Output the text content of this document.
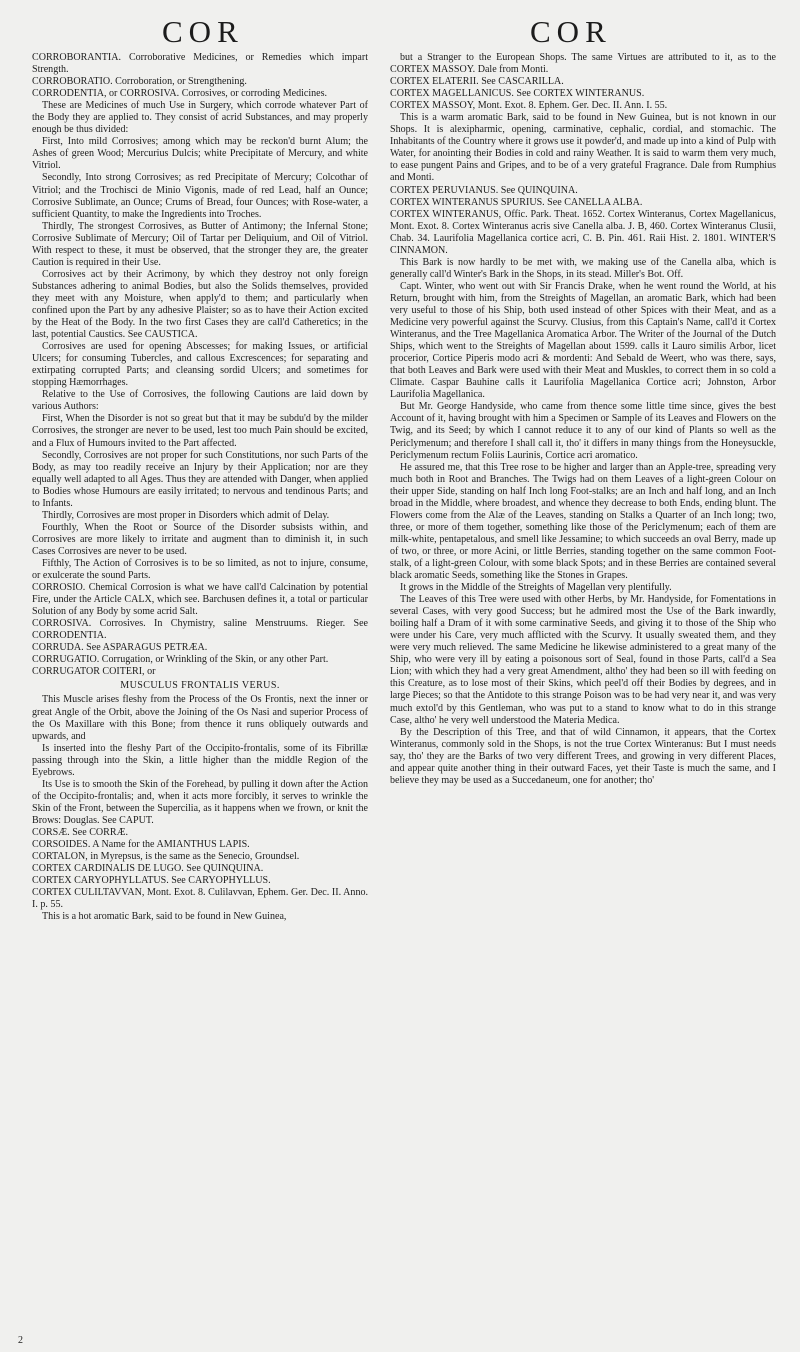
COR	COR

CORROBORANTIA. Corroborative Medicines, or Remedies which impart Strength.

CORROBORATIO. Corroboration, or Strengthening.

CORRODENTIA, or CORROSIVA. Corrosives, or corroding Medicines.

These are Medicines of much Use in Surgery, which corrode whatever Part of the Body they are applied to. They consist of acrid Substances, and may properly enough be thus divided:

First, Into mild Corrosives; among which may be reckon'd burnt Alum; the Ashes of green Wood; Mercurius Dulcis; white Precipitate of Mercury, and white Vitriol.

Secondly, Into strong Corrosives; as red Precipitate of Mercury; Colcothar of Vitriol; and the Trochisci de Minio Vigonis, made of red Lead, half an Ounce; Corrosive Sublimate, an Ounce; Crums of Bread, four Ounces; with Rose-water, a sufficient Quantity, to make the Ingredients into Troches.

Thirdly, The strongest Corrosives, as Butter of Antimony; the Infernal Stone; Corrosive Sublimate of Mercury; Oil of Tartar per Deliquium, and Oil of Vitriol. With respect to these, it must be observed, that the stronger they are, the greater Caution is required in their Use.

Corrosives act by their Acrimony, by which they destroy not only foreign Substances adhering to animal Bodies, but also the Solids themselves, provided they meet with any Moisture, when apply'd to them; and particularly when confined upon the Part by any adhesive Plaister; so as to have their Action excited by the Heat of the Body. In the two first Cases they are call'd Catheretics; in the last, potential Caustics. See CAUSTICA.

Corrosives are used for opening Abscesses; for making Issues, or artificial Ulcers; for consuming Tubercles, and callous Excrescences; for separating and extirpating corrupted Parts; and cleansing sordid Ulcers; and sometimes for stopping Hæmorrhages.

Relative to the Use of Corrosives, the following Cautions are laid down by various Authors:

First, When the Disorder is not so great but that it may be subdu'd by the milder Corrosives, the stronger are never to be used, lest too much Pain should be excited, and a Flux of Humours invited to the Part affected.

Secondly, Corrosives are not proper for such Constitutions, nor such Parts of the Body, as may too readily receive an Injury by their Application; nor are they equally well adapted to all Ages. Thus they are attended with Danger, when applied to Bodies whose Humours are easily irritated; to nervous and tendinous Parts; and to Infants.

Thirdly, Corrosives are most proper in Disorders which admit of Delay.

Fourthly, When the Root or Source of the Disorder subsists within, and Corrosives are more likely to irritate and augment than to diminish it, in such Cases Corrosives are never to be used.

Fifthly, The Action of Corrosives is to be so limited, as not to injure, consume, or exulcerate the sound Parts.

CORROSIO. Chemical Corrosion is what we have call'd Calcination by potential Fire, under the Article CALX, which see. Barchusen defines it, a total or particular Solution of any Body by some acrid Salt.

CORROSIVA. Corrosives. In Chymistry, saline Menstruums. Rieger. See CORRODENTIA.

CORRUDA. See ASPARAGUS PETRÆA.

CORRUGATIO. Corrugation, or Wrinkling of the Skin, or any other Part.

CORRUGATOR COITERI, or

MUSCULUS FRONTALIS VERUS.

This Muscle arises fleshy from the Process of the Os Frontis, next the inner or great Angle of the Orbit, above the Joining of the Os Nasi and superior Process of the Os Maxillare with this Bone; from thence it runs obliquely outwards and upwards, and

Is inserted into the fleshy Part of the Occipito-frontalis, some of its Fibrillæ passing through into the Skin, a little higher than the middle Region of the Eyebrows.

Its Use is to smooth the Skin of the Forehead, by pulling it down after the Action of the Occipito-frontalis; and, when it acts more forcibly, it serves to wrinkle the Skin of the Front, between the Supercilia, as it happens when we frown, or knit the Brows: Douglas. See CAPUT.

CORSÆ. See CORRÆ.

CORSOIDES. A Name for the AMIANTHUS LAPIS.

CORTALON, in Myrepsus, is the same as the Senecio, Groundsel.

CORTEX CARDINALIS DE LUGO. See QUINQUINA.

CORTEX CARYOPHYLLATUS. See CARYOPHYLLUS.

CORTEX CULILTAVVAN, Mont. Exot. 8. Culilavvan, Ephem. Ger. Dec. II. Anno. I. p. 55.

This is a hot aromatic Bark, said to be found in New Guinea,

but a Stranger to the European Shops. The same Virtues are attributed to it, as to the CORTEX MASSOY. Dale from Monti.

CORTEX ELATERII. See CASCARILLA.

CORTEX MAGELLANICUS. See CORTEX WINTERANUS.

CORTEX MASSOY, Mont. Exot. 8. Ephem. Ger. Dec. II. Ann. I. 55.

This is a warm aromatic Bark, said to be found in New Guinea, but is not known in our Shops. It is alexipharmic, opening, carminative, cephalic, cordial, and stomachic. The Inhabitants of the Country where it grows use it powder'd, and made up into a kind of Pulp with Water, for anointing their Bodies in cold and rainy Weather. It is said to warm them very much, to ease pungent Pains and Gripes, and to be of a very grateful Fragrance. Dale from Rumphius and Monti.

CORTEX PERUVIANUS. See QUINQUINA.

CORTEX WINTERANUS SPURIUS. See CANELLA ALBA.

CORTEX WINTERANUS, Offic. Park. Theat. 1652. Cortex Winteranus, Cortex Magellanicus, Mont. Exot. 8. Cortex Winteranus acris sive Canella alba. J. B, 460. Cortex Winteranus Clusii, Chab. 34. Laurifolia Magellanica cortice acri, C. B. Pin. 461. Raii Hist. 2. 1801. WINTER'S CINNAMON.

This Bark is now hardly to be met with, we making use of the Canella alba, which is generally call'd Winter's Bark in the Shops, in its stead. Miller's Bot. Off.

Capt. Winter, who went out with Sir Francis Drake, when he went round the World, at his Return, brought with him, from the Streights of Magellan, an aromatic Bark, which had been very useful to those of his Ship, both used instead of other Spices with their Meat, and as a Medicine very powerful against the Scurvy. Clusius, from this Captain's Name, call'd it Cortex Winteranus, and the Tree Magellanica Aromatica Arbor. The Writer of the Journal of the Dutch Ships, which went to the Streights of Magellan about 1599. calls it Lauro similis Arbor, licet procerior, Cortice Piperis modo acri & mordenti: And Sebald de Weert, who was there, says, that both Leaves and Bark were used with their Meat and Muskles, to correct them in so cold a Climate. Caspar Bauhine calls it Laurifolia Magellanica Cortice acri; Johnston, Arbor Laurifolia Magellanica.

But Mr. George Handyside, who came from thence some little time since, gives the best Account of it, having brought with him a Specimen or Sample of its Leaves and Flowers on the Twig, and its Seed; by which I cannot reduce it to any of our kind of Plants so well as the Periclymenum; and therefore I shall call it, tho' it differs in many things from the Honeysuckle, Periclymenum rectum Foliis Laurinis, Cortice acri aromatico.

He assured me, that this Tree rose to be higher and larger than an Apple-tree, spreading very much both in Root and Branches. The Twigs had on them Leaves of a light-green Colour on their upper Side, standing on half Inch long Foot-stalks; are an Inch and half long, and an Inch broad in the Middle, where broadest, and whence they decrease to both Ends, ending blunt. The Flowers come from the Alæ of the Leaves, standing on Stalks a Quarter of an Inch long; two, three, or more of them together, something like those of the Periclymenum; each of them are milk-white, pentapetalous, and smell like Jessamine; to which succeeds an oval Berry, made up of two, or three, or more Acini, or little Berries, standing together on the same common Foot-stalk, of a light-green Colour, with some black Spots; and in these Berries are contained several black aromatic Seeds, something like the Stones in Grapes.

It grows in the Middle of the Streights of Magellan very plentifully.

The Leaves of this Tree were used with other Herbs, by Mr. Handyside, for Fomentations in several Cases, with very good Success; but he admired most the Use of the Bark inwardly, boiling half a Dram of it with some carminative Seeds, and giving it to those of the Ship who were under his Care, very much afflicted with the Scurvy. It usually sweated them, and they were very much relieved. The same Medicine he likewise administered to a great many of the Ship, who were very ill by eating a poisonous sort of Seal, found in those Parts, call'd a Sea Lion; with which they had a very great Amendment, altho' they had been so ill with feeding on this Creature, as to lose most of their Skins, which peel'd off their Bodies by degrees, and in large Pieces; so that the Antidote to this strange Poison was to be had very near it, and was very much extol'd by this Gentleman, who was put to a stand to know what to do in this strange Case, altho' he very well understood the Materia Medica.

By the Description of this Tree, and that of wild Cinnamon, it appears, that the Cortex Winteranus, commonly sold in the Shops, is not the true Cortex Winteranus: But I must needs say, tho' they are the Barks of two very different Trees, and growing in very different Places, and appear quite another thing in their outward Faces, yet their Taste is much the same, and I believe they may be used as a Succedaneum, one for another; tho'

2
